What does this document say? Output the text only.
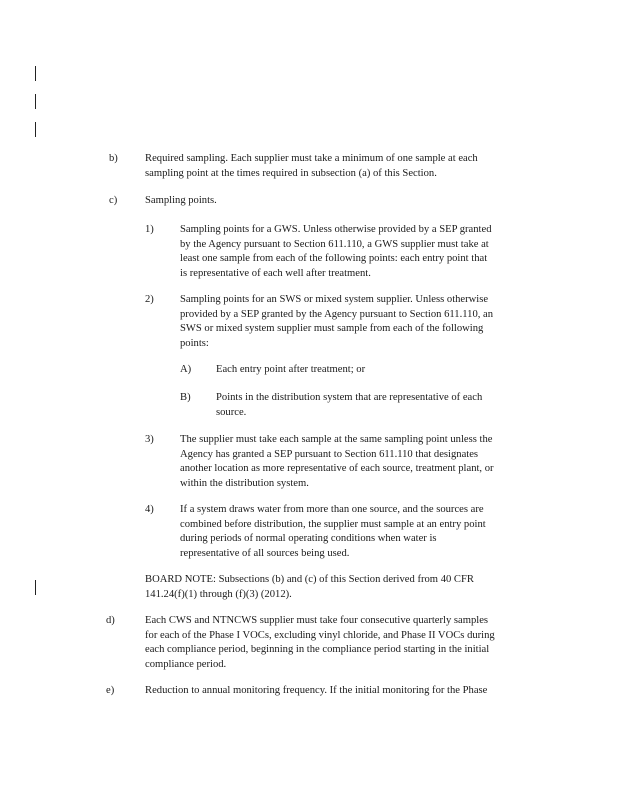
b)	Required sampling. Each supplier must take a minimum of one sample at each
sampling point at the times required in subsection (a) of this Section.
c)	Sampling points.
1) Sampling points for a GWS. Unless otherwise provided by a SEP granted
by the Agency pursuant to Section 611.110, a GWS supplier must take at
least one sample from each of the following points: each entry point that
is representative of each well after treatment.
2) Sampling points for an SWS or mixed system supplier. Unless otherwise
provided by a SEP granted by the Agency pursuant to Section 611.110, an
SWS or mixed system supplier must sample from each of the following
points:
A) Each entry point after treatment; or
B) Points in the distribution system that are representative of each
source.
3) The supplier must take each sample at the same sampling point unless the
Agency has granted a SEP pursuant to Section 611.110 that designates
another location as more representative of each source, treatment plant, or
within the distribution system.
4) If a system draws water from more than one source, and the sources are
combined before distribution, the supplier must sample at an entry point
during periods of normal operating conditions when water is
representative of all sources being used.
BOARD NOTE: Subsections (b) and (c) of this Section derived from 40 CFR
141.24(f)(1) through (f)(3) (2012).
d)	Each CWS and NTNCWS supplier must take four consecutive quarterly samples
for each of the Phase I VOCs, excluding vinyl chloride, and Phase II VOCs during
each compliance period, beginning in the compliance period starting in the initial
compliance period.
e)	Reduction to annual monitoring frequency. If the initial monitoring for the Phase
